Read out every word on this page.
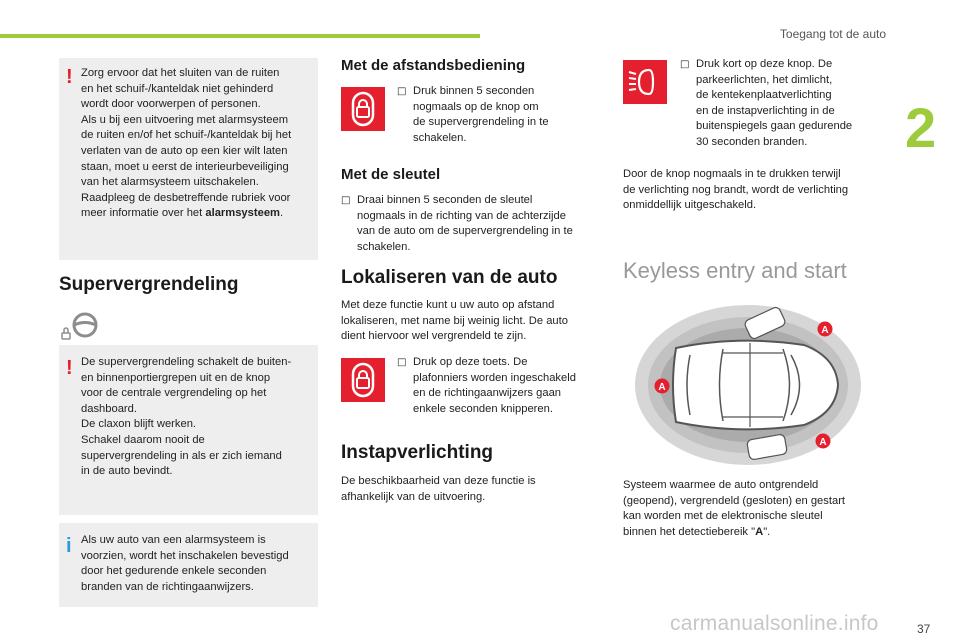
Toegang tot de auto
2
37
carmanualsonline.info
! Zorg ervoor dat het sluiten van de ruiten
en het schuif-/kanteldak niet gehinderd
wordt door voorwerpen of personen.
Als u bij een uitvoering met alarmsysteem
de ruiten en/of het schuif-/kanteldak bij het
verlaten van de auto op een kier wilt laten
staan, moet u eerst de interieurbeveiliging
van het alarmsysteem uitschakelen.
Raadpleeg de desbetreffende rubriek voor
meer informatie over het alarmsysteem.
Supervergrendeling
! De supervergrendeling schakelt de buiten-
en binnenportiergrepen uit en de knop
voor de centrale vergrendeling op het
dashboard.
De claxon blijft werken.
Schakel daarom nooit de
supervergrendeling in als er zich iemand
in de auto bevindt.
i Als uw auto van een alarmsysteem is
voorzien, wordt het inschakelen bevestigd
door het gedurende enkele seconden
branden van de richtingaanwijzers.
Met de afstandsbediening
□ Druk binnen 5 seconden
nogmaals op de knop om
de supervergrendeling in te
schakelen.
Met de sleutel
□ Draai binnen 5 seconden de sleutel
nogmaals in de richting van de achterzijde
van de auto om de supervergrendeling in te
schakelen.
Lokaliseren van de auto
Met deze functie kunt u uw auto op afstand
lokaliseren, met name bij weinig licht. De auto
dient hiervoor wel vergrendeld te zijn.
□ Druk op deze toets. De
plafonniers worden ingeschakeld
en de richtingaanwijzers gaan
enkele seconden knipperen.
Instapverlichting
De beschikbaarheid van deze functie is
afhankelijk van de uitvoering.
□ Druk kort op deze knop. De
parkeerlichten, het dimlicht,
de kentekenplaatverlichting
en de instapverlichting in de
buitenspiegels gaan gedurende
30 seconden branden.
Door de knop nogmaals in te drukken terwijl
de verlichting nog brandt, wordt de verlichting
onmiddellijk uitgeschakeld.
Keyless entry and start
A
A
A
Systeem waarmee de auto ontgrendeld
(geopend), vergrendeld (gesloten) en gestart
kan worden met de elektronische sleutel
binnen het detectiebereik "A".
